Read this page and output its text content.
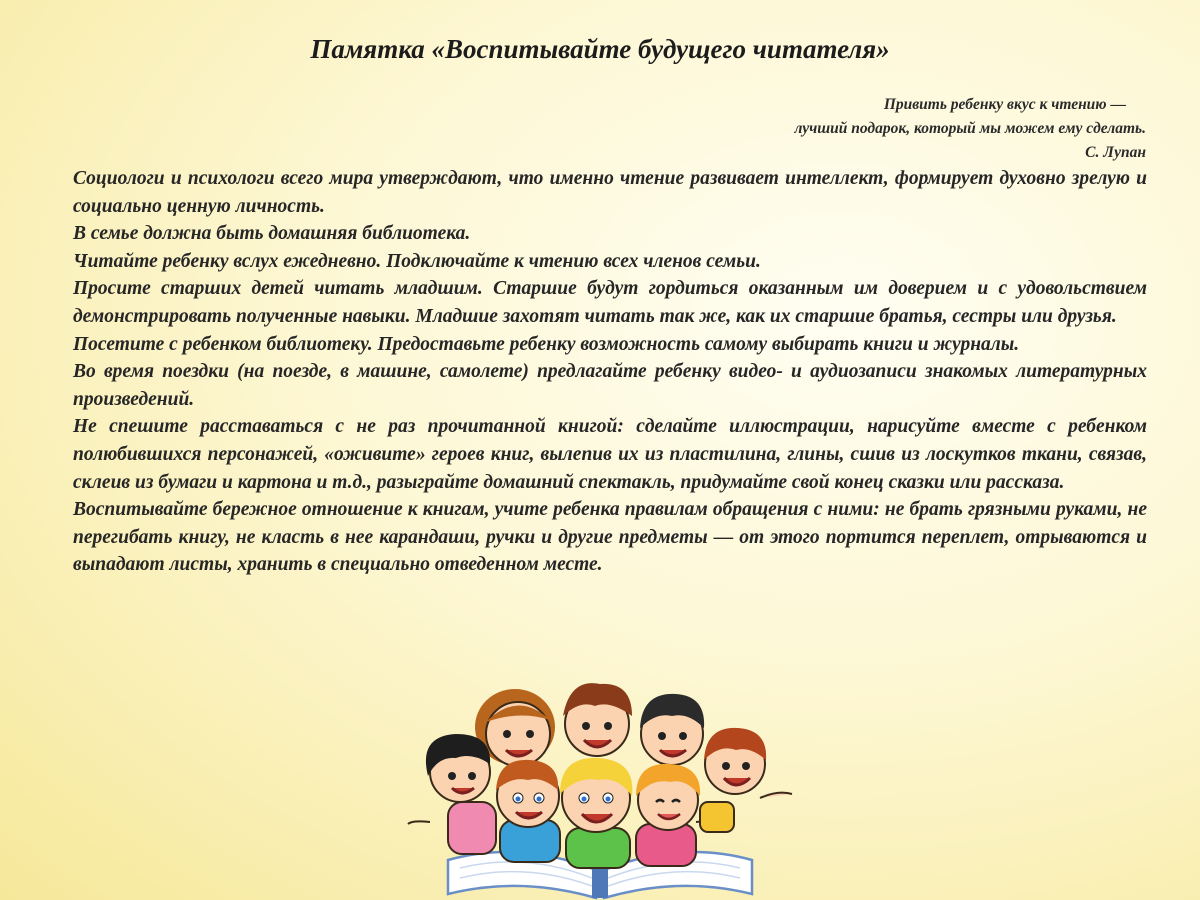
Памятка «Воспитывайте будущего читателя»
Привить ребенку вкус к чтению —
лучший подарок, который мы можем ему сделать.
С. Лупан

Социологи и психологи всего мира утверждают, что именно чтение развивает интеллект, формирует духовно зрелую и социально ценную личность.

В семье должна быть домашняя библиотека.

Читайте ребенку вслух ежедневно. Подключайте к чтению всех членов семьи.

Просите старших детей читать младшим. Старшие будут гордиться оказанным им доверием и с удовольствием демонстрировать полученные навыки. Младшие захотят читать так же, как их старшие братья, сестры или друзья.

Посетите с ребенком библиотеку. Предоставьте ребенку возможность самому выбирать книги и журналы.

Во время поездки (на поезде, в машине, самолете) предлагайте ребенку видео- и аудиозаписи знакомых литературных произведений.

Не спешите расставаться с не раз прочитанной книгой: сделайте иллюстрации, нарисуйте вместе с ребенком полюбившихся персонажей, «оживите» героев книг, вылепив их из пластилина, глины, сшив из лоскутков ткани, связав, склеив из бумаги и картона и т.д., разыграйте домашний спектакль, придумайте свой конец сказки или рассказа.

Воспитывайте бережное отношение к книгам, учите ребенка правилам обращения с ними: не брать грязными руками, не перегибать книгу, не класть в нее карандаши, ручки и другие предметы — от этого портится переплет, отрываются и выпадают листы, хранить в специально отведенном месте.
